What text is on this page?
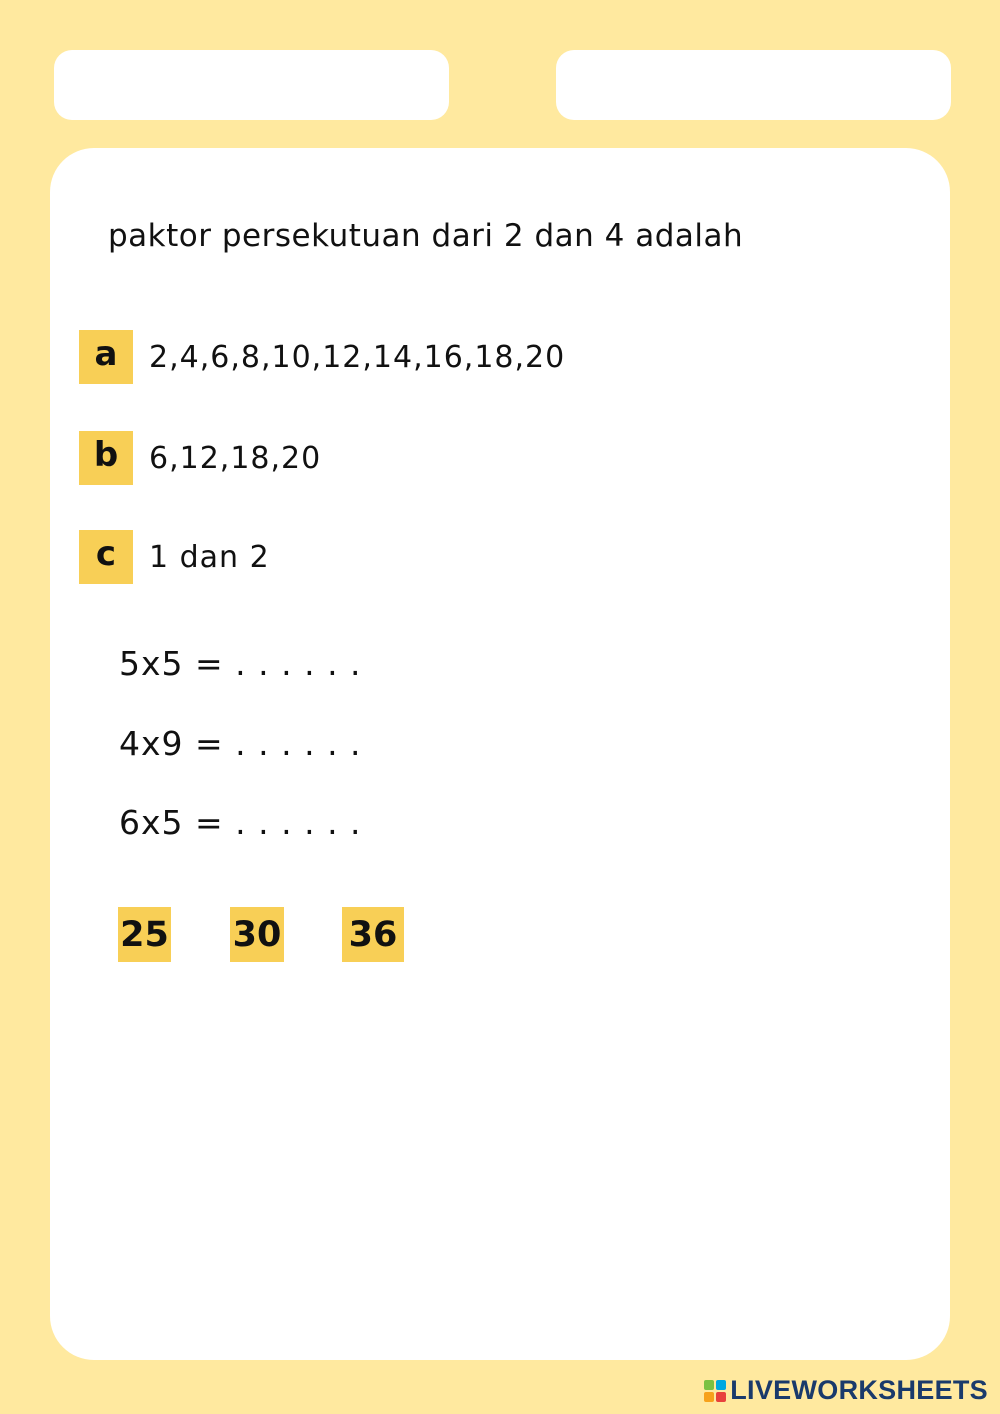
paktor persekutuan dari 2 dan 4 adalah
a	2,4,6,8,10,12,14,16,18,20
b	6,12,18,20
c	1 dan 2
5x5 = . . . . . .
4x9 = . . . . . .
6x5 = . . . . . .
25 30 36
LIVEWORKSHEETS
